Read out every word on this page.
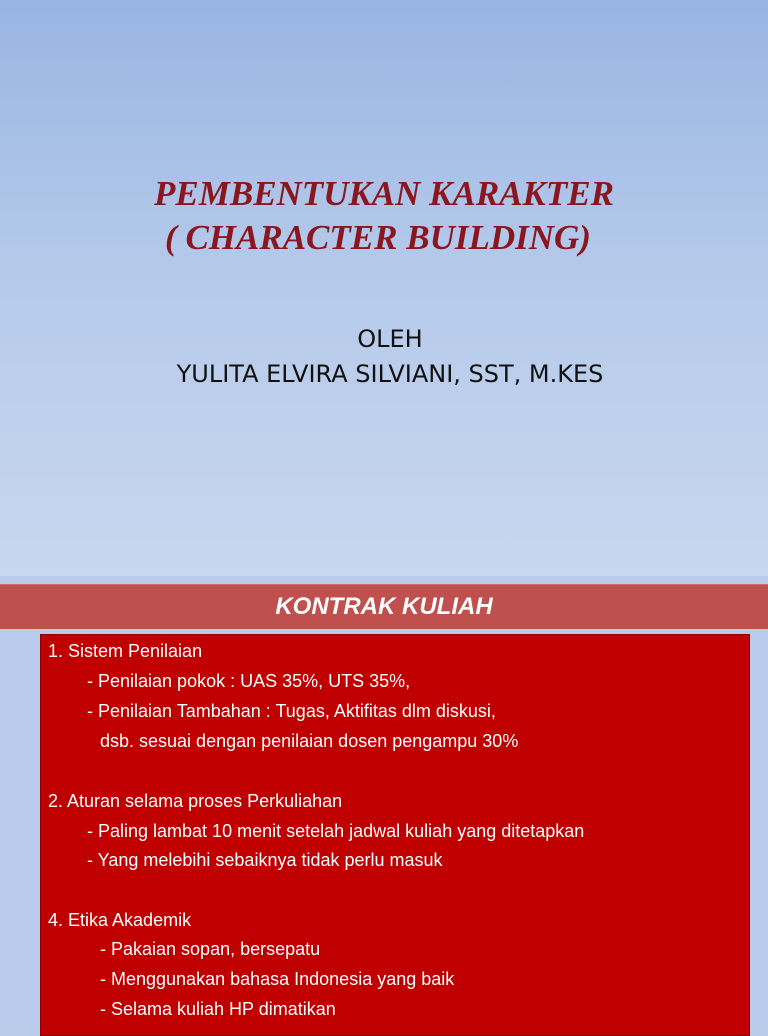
PEMBENTUKAN KARAKTER
( CHARACTER BUILDING)
OLEH
YULITA ELVIRA SILVIANI, SST, M.KES
KONTRAK KULIAH
1. Sistem Penilaian
- Penilaian pokok : UAS 35%, UTS 35%,
- Penilaian Tambahan : Tugas, Aktifitas dlm diskusi,
dsb. sesuai dengan penilaian dosen pengampu 30%
2. Aturan selama proses Perkuliahan
- Paling lambat 10 menit setelah jadwal kuliah yang ditetapkan
- Yang melebihi sebaiknya tidak perlu masuk
4. Etika Akademik
- Pakaian sopan, bersepatu
- Menggunakan bahasa Indonesia yang baik
- Selama kuliah HP dimatikan
